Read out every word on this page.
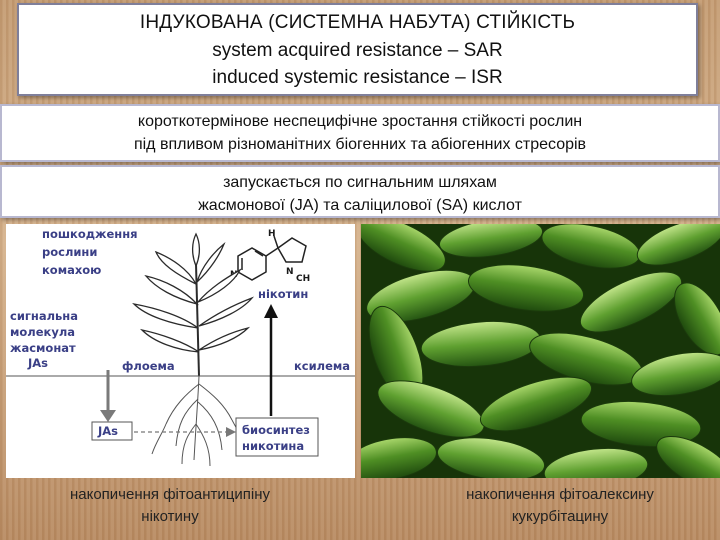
ІНДУКОВАНА (СИСТЕМНА НАБУТА) СТІЙКІСТЬ
system acquired resistance – SAR
induced systemic resistance – ISR
короткотермінове неспецифічне зростання стійкості рослин
під впливом різноманітних біогенних та абіогенних стресорів
запускається по сигнальним шляхам
жасмонової (JA) та саліцилової (SA) кислот
пошкодження
рослини
комахою
сигнальна
молекула
жасмонат
JAs
H
N
CH
нікотин
флоема	ксилема
JAs	биосинтез
никотина
накопичення фітоантиципіну
нікотину
накопичення фітоалексину
кукурбітацину
